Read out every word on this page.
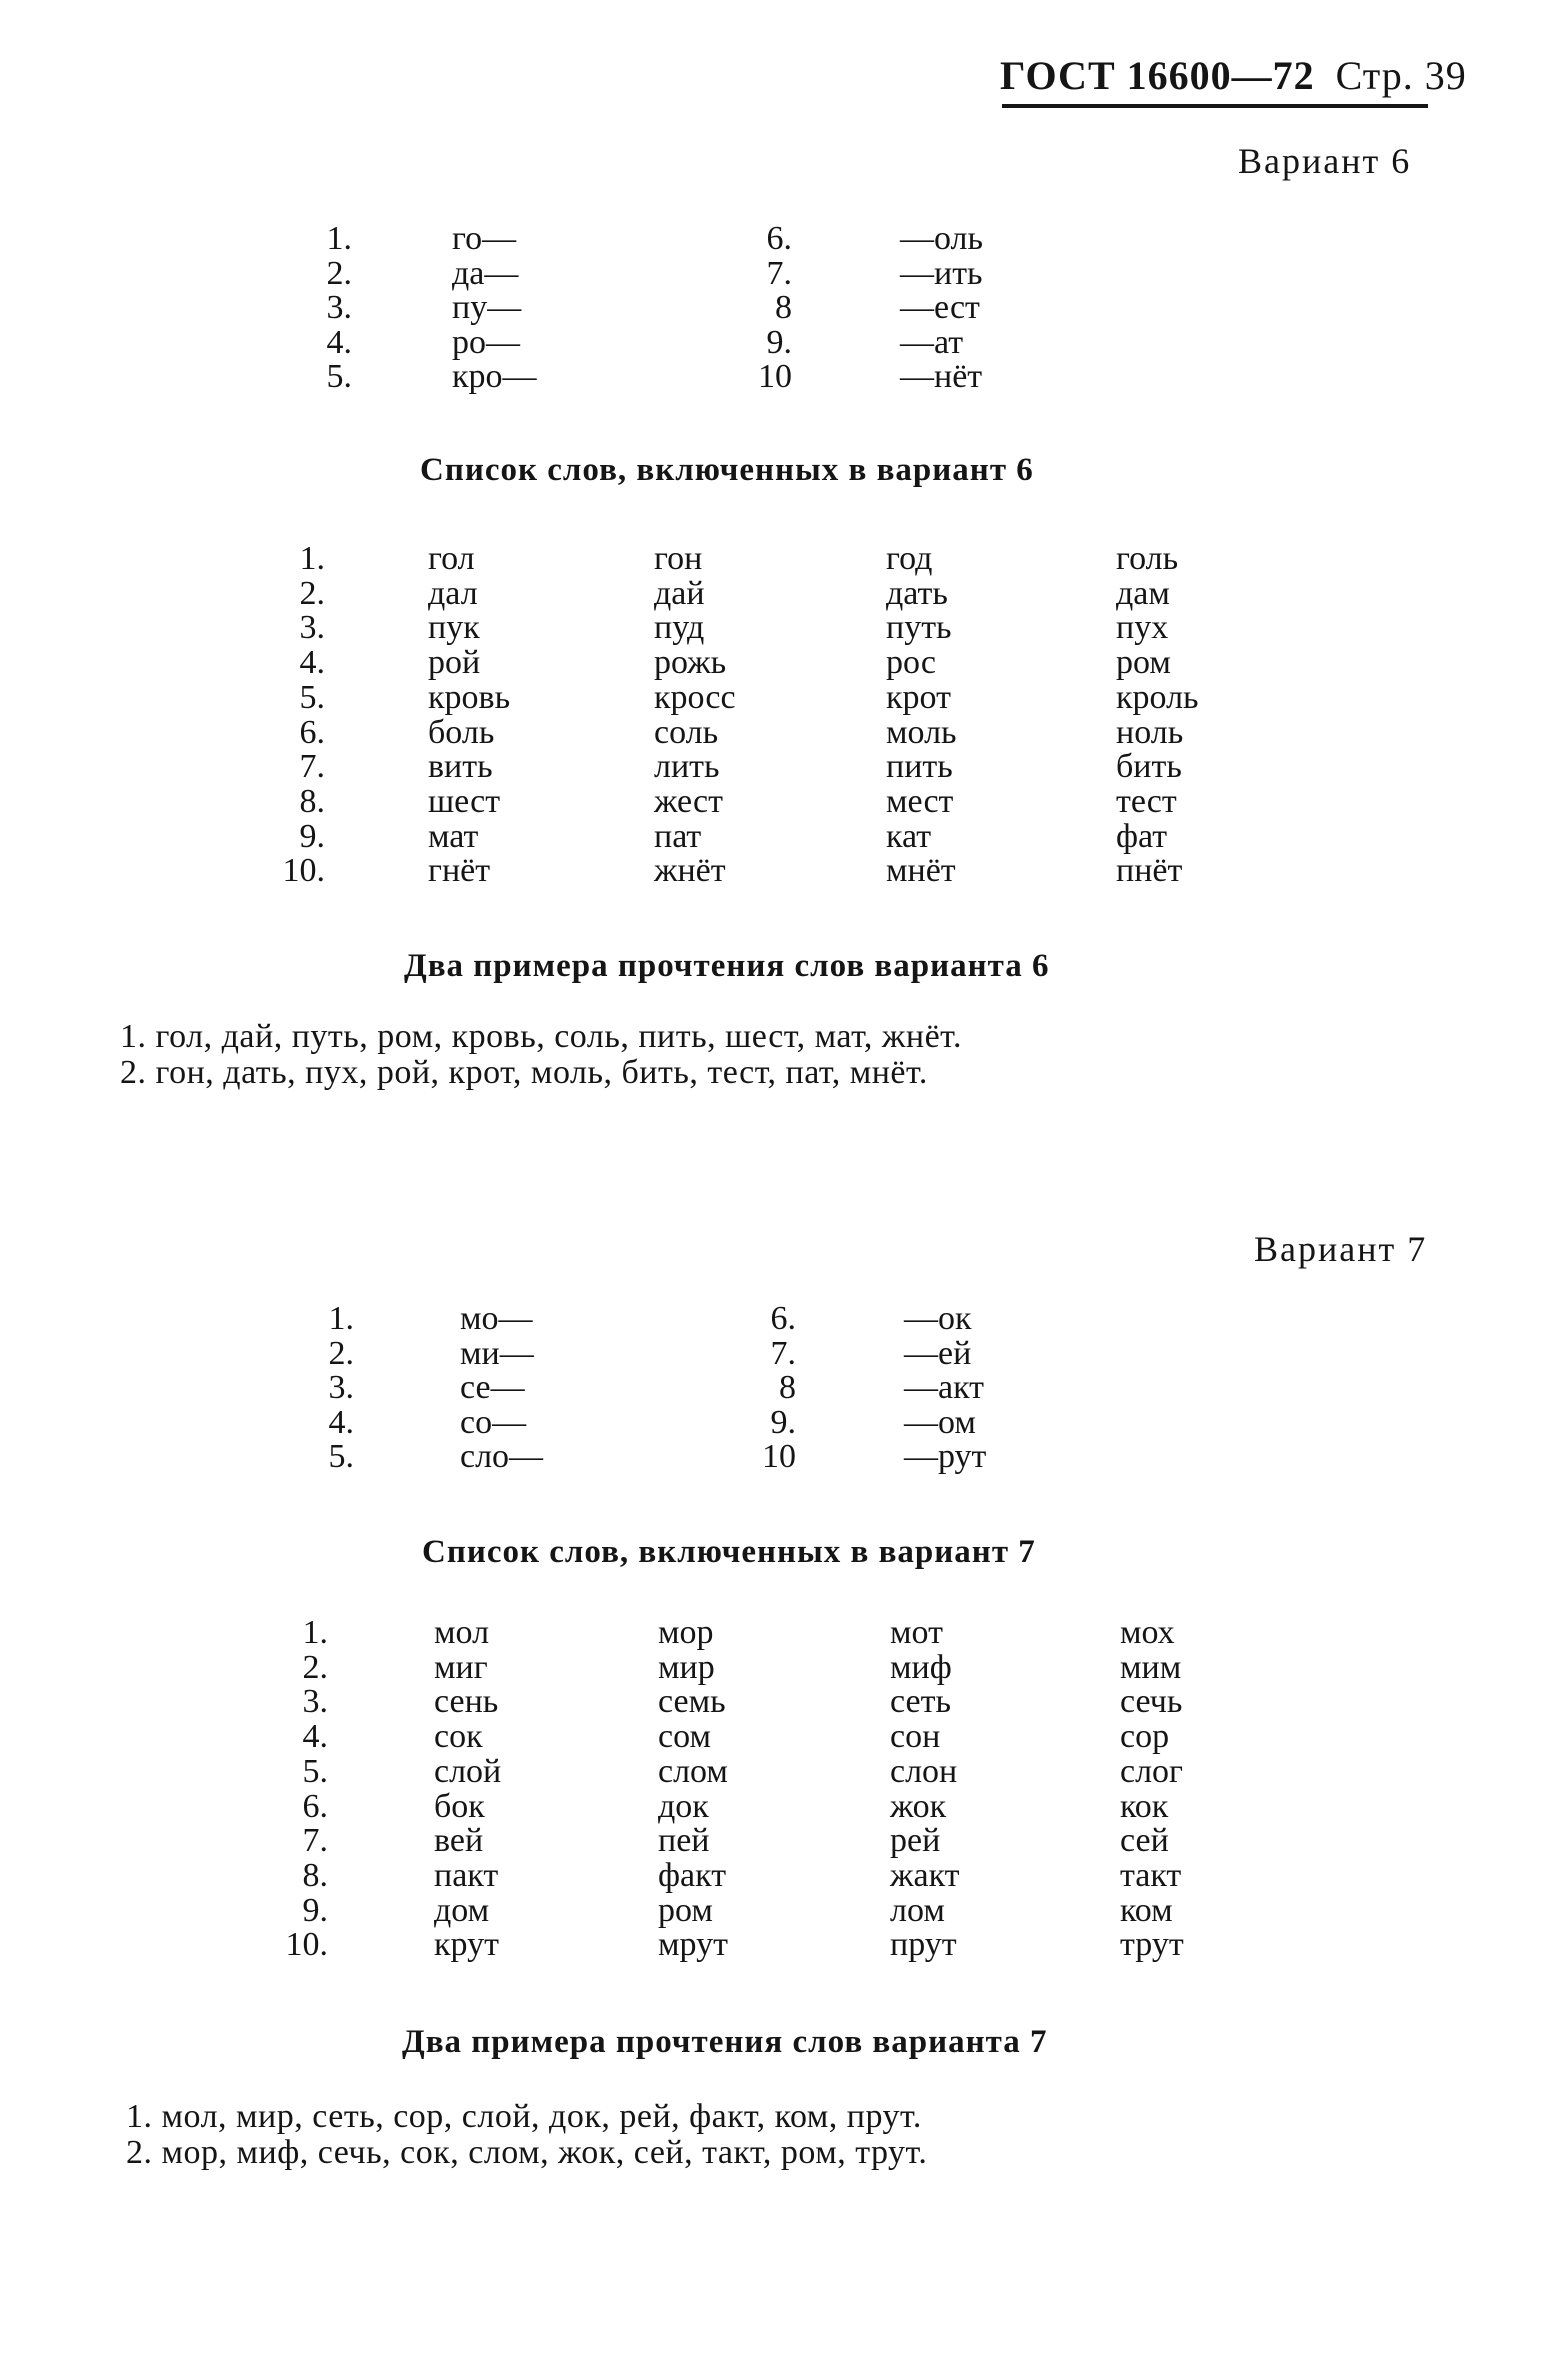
ГОСТ 16600—72 Стр. 39
Вариант 6
1.
2.
3.
4.
5.
го—
да—
пу—
ро—
кро—
6.
7.
8
9.
10
—оль
—ить
—ест
—ат
—нёт
Список слов, включенных в вариант 6
1.
2.
3.
4.
5.
6.
7.
8.
9.
10.
гол
дал
пук
рой
кровь
боль
вить
шест
мат
гнёт
гон
дай
пуд
рожь
кросс
соль
лить
жест
пат
жнёт
год
дать
путь
рос
крот
моль
пить
мест
кат
мнёт
голь
дам
пух
ром
кроль
ноль
бить
тест
фат
пнёт
Два примера прочтения слов варианта 6
1. гол, дай, путь, ром, кровь, соль, пить, шест, мат, жнёт.
2. гон, дать, пух, рой, крот, моль, бить, тест, пат, мнёт.
Вариант 7
1.
2.
3.
4.
5.
мо—
ми—
се—
со—
сло—
6.
7.
8
9.
10
—ок
—ей
—акт
—ом
—рут
Список слов, включенных в вариант 7
1.
2.
3.
4.
5.
6.
7.
8.
9.
10.
мол
миг
сень
сок
слой
бок
вей
пакт
дом
крут
мор
мир
семь
сом
слом
док
пей
факт
ром
мрут
мот
миф
сеть
сон
слон
жок
рей
жакт
лом
прут
мох
мим
сечь
сор
слог
кок
сей
такт
ком
трут
Два примера прочтения слов варианта 7
1. мол, мир, сеть, сор, слой, док, рей, факт, ком, прут.
2. мор, миф, сечь, сок, слом, жок, сей, такт, ром, трут.
